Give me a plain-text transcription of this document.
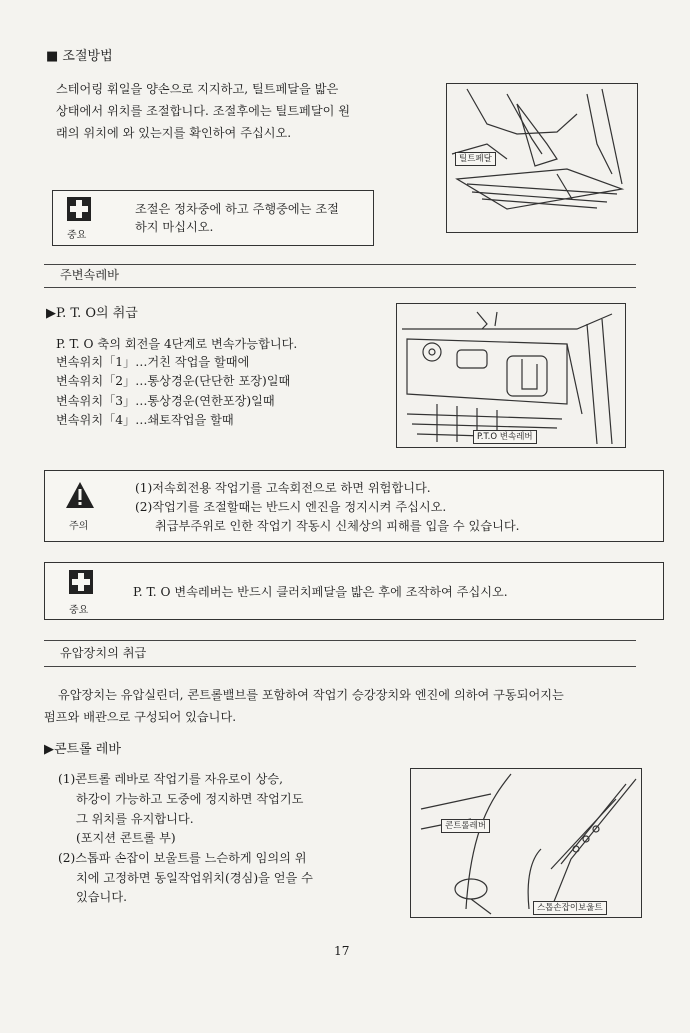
■ 조절방법
스테어링 휘일을 양손으로 지지하고, 틸트페달을 밟은
상태에서 위치를 조절합니다. 조절후에는 틸트페달이 원
래의 위치에 와 있는지를 확인하여 주십시오.
틸트페달
중요
조절은 정차중에 하고 주행중에는 조절
하지 마십시오.
주변속레바
▶P. T. O의 취급
P. T. O 축의 회전을 4단계로 변속가능합니다.
변속위치「1」…거친 작업을 할때에
변속위치「2」…통상경운(단단한 포장)일때
변속위치「3」…통상경운(연한포장)일때
변속위치「4」…쇄토작업을 할때
P.T.O 변속레버
주의
(1)저속회전용 작업기를 고속회전으로 하면 위험합니다.
(2)작업기를 조절할때는 반드시 엔진을 정지시켜 주십시오.
취급부주위로 인한 작업기 작동시 신체상의 피해를 입을 수 있습니다.
중요
P. T. O 변속레버는 반드시 클러치페달을 밟은 후에 조작하여 주십시오.
유압장치의 취급
유압장치는 유압실린더, 콘트롤밸브를 포함하여 작업기 승강장치와 엔진에 의하여 구동되어지는
펌프와 배관으로 구성되어 있습니다.
▶콘트롤 레바
(1)콘트롤 레바로 작업기를 자유로이 상승,
하강이 가능하고 도중에 정지하면 작업기도
그 위치를 유지합니다.
(포지션 콘트롤 부)
(2)스톱파 손잡이 보울트를 느슨하게 임의의 위
치에 고정하면 동일작업위치(경심)을 얻을 수
있습니다.
콘트롤레버
스톱손잡이보울트
17
